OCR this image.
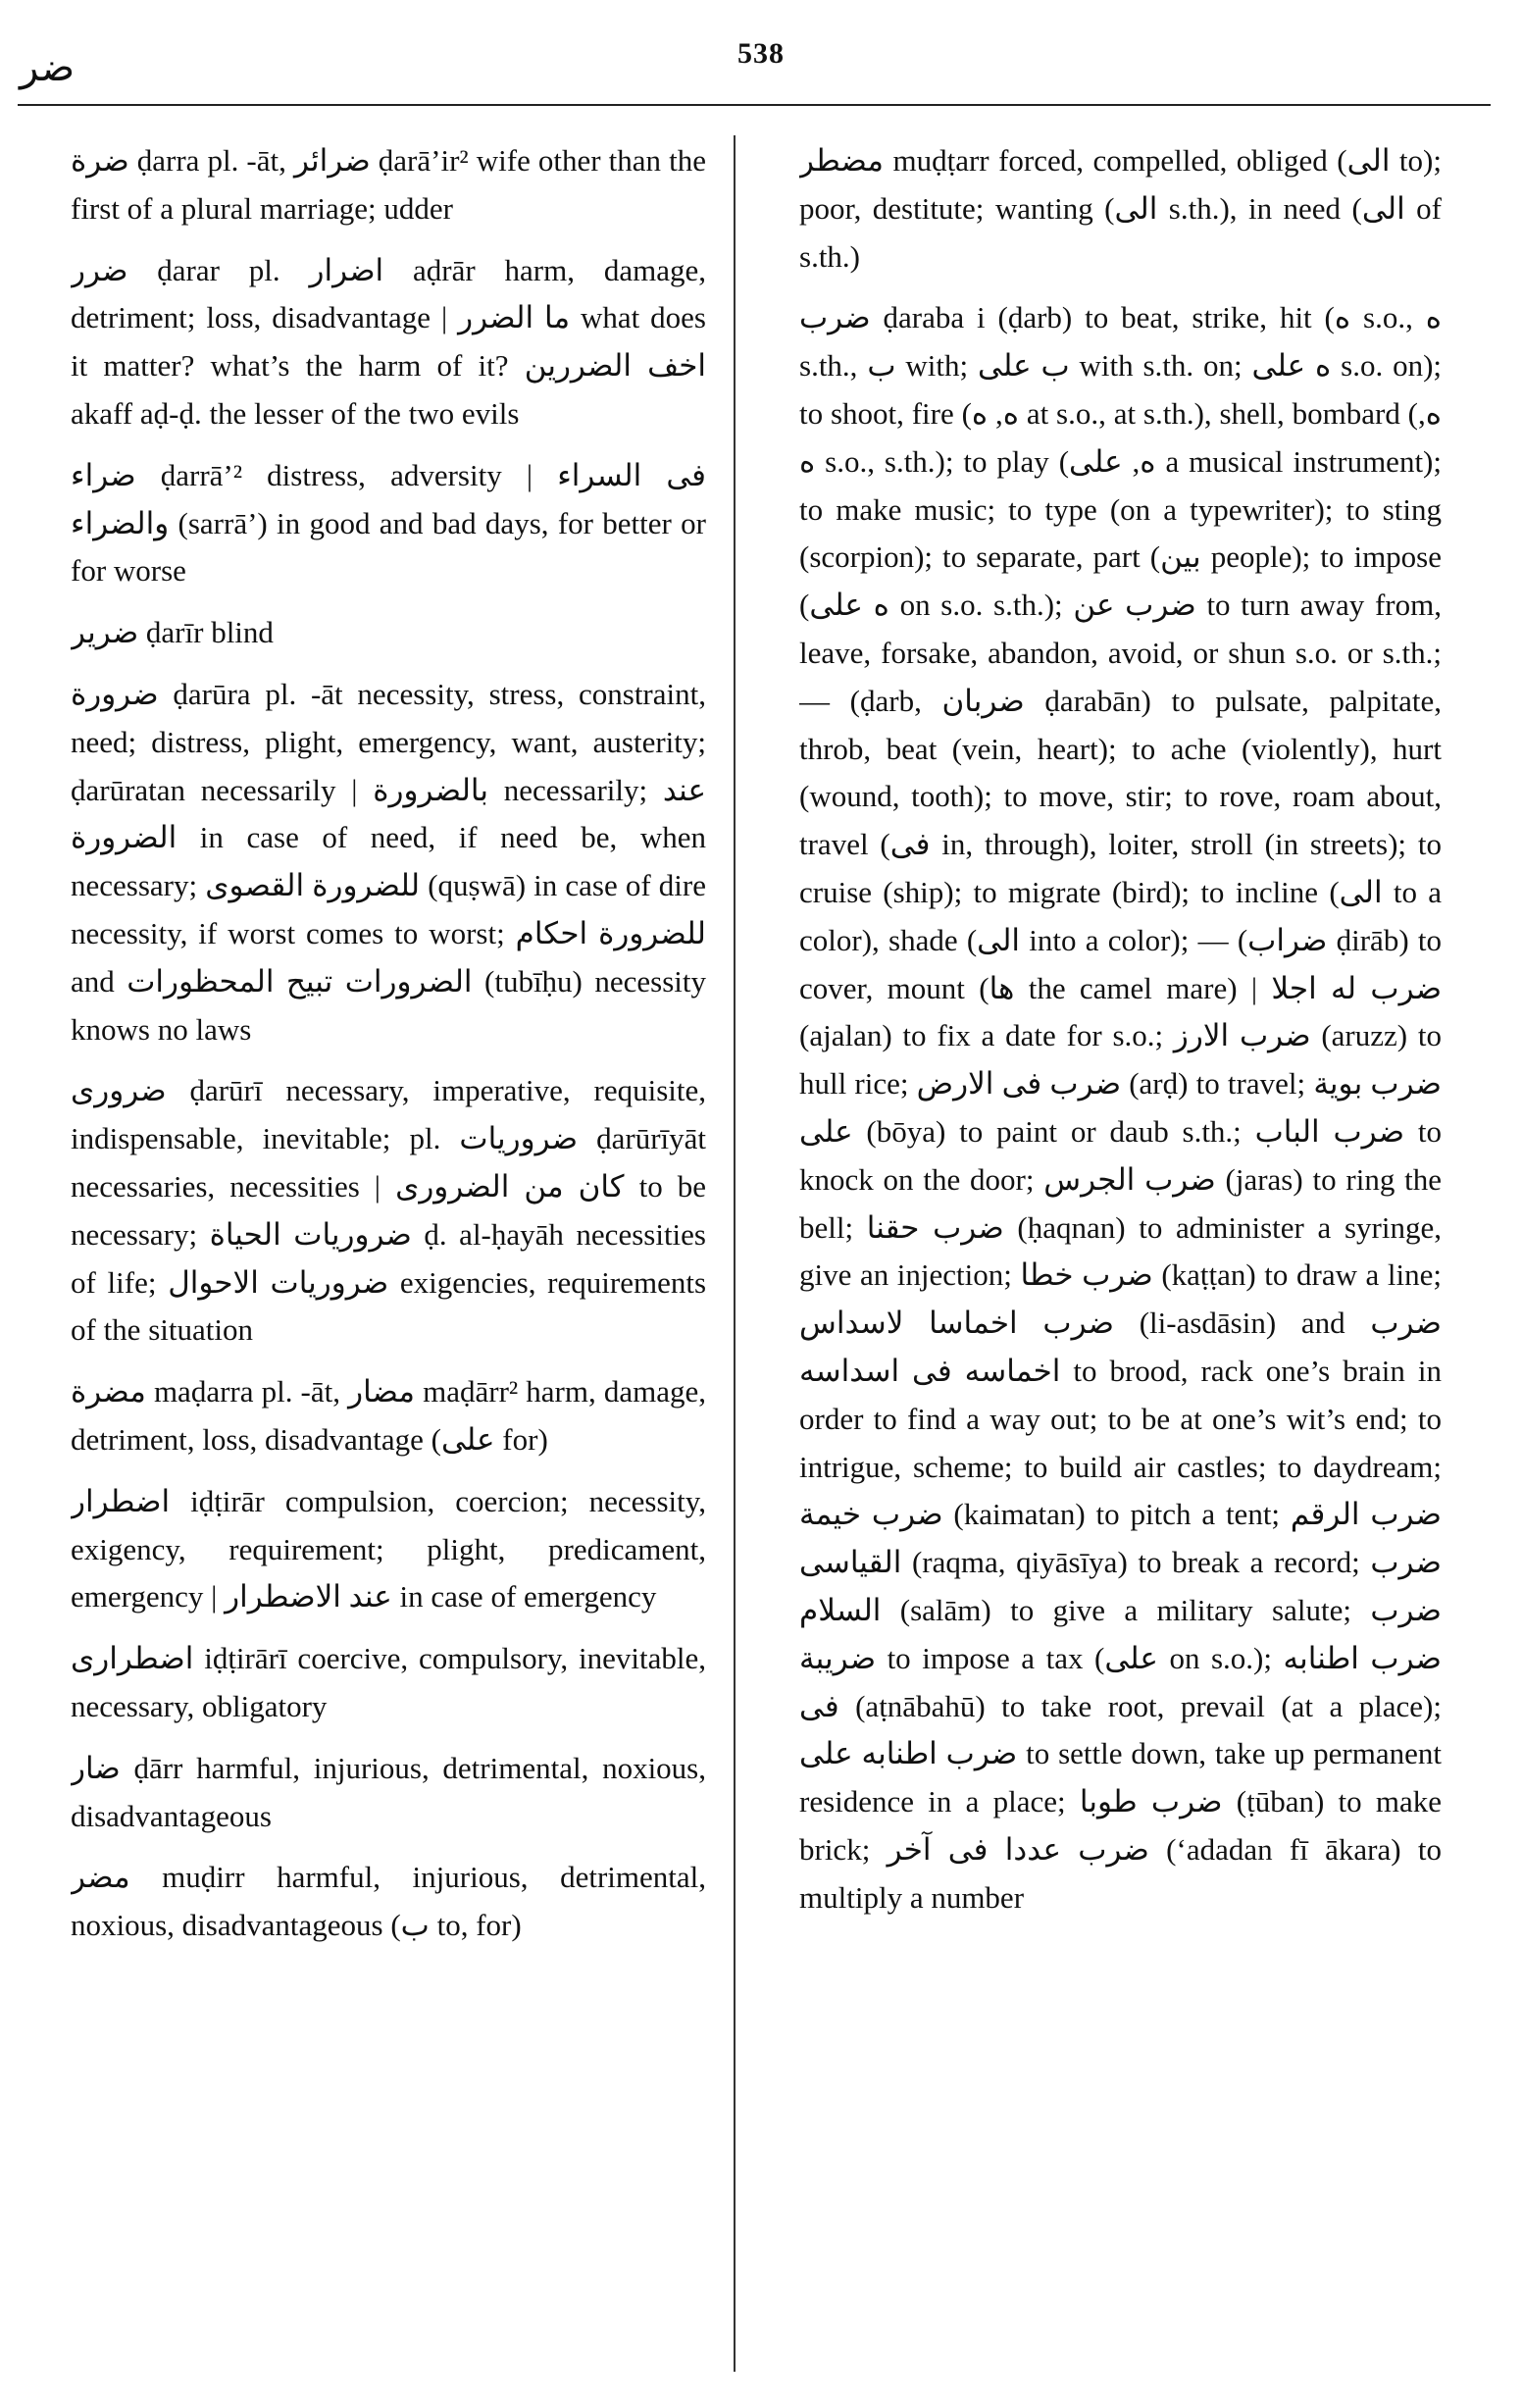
538
ضر

ضرة ḍarra pl. -āt, ضرائر ḍarā’ir² wife other than the first of a plural marriage; udder

ضرر ḍarar pl. اضرار aḍrār harm, damage, detriment; loss, disadvantage | ما الضرر what does it matter? what’s the harm of it? اخف الضررين akaff aḍ-ḍ. the lesser of the two evils

ضراء ḍarrā’² distress, adversity | فى السراء والضراء (sarrā’) in good and bad days, for better or for worse

ضرير ḍarīr blind

ضرورة ḍarūra pl. -āt necessity, stress, constraint, need; distress, plight, emergency, want, austerity; ḍarūratan necessarily | بالضرورة necessarily; عند الضرورة in case of need, if need be, when necessary; للضرورة القصوى (quṣwā) in case of dire necessity, if worst comes to worst; للضرورة احكام and الضرورات تبيح المحظورات (tubīḥu) necessity knows no laws

ضرورى ḍarūrī necessary, imperative, requisite, indispensable, inevitable; pl. ضروريات ḍarūrīyāt necessaries, necessities | كان من الضرورى to be necessary; ضروريات الحياة ḍ. al-ḥayāh necessities of life; ضروريات الاحوال exigencies, requirements of the situation

مضرة maḍarra pl. -āt, مضار maḍārr² harm, damage, detriment, loss, disadvantage (على for)

اضطرار iḍṭirār compulsion, coercion; necessity, exigency, requirement; plight, predicament, emergency | عند الاضطرار in case of emergency

اضطرارى iḍṭirārī coercive, compulsory, inevitable, necessary, obligatory

ضار ḍārr harmful, injurious, detrimental, noxious, disadvantageous

مضر muḍirr harmful, injurious, detrimental, noxious, disadvantageous (ب to, for)

مضطر muḍṭarr forced, compelled, obliged (الى to); poor, destitute; wanting (الى s.th.), in need (الى of s.th.)

ضرب ḍaraba i (ḍarb) to beat, strike, hit (ه s.o., ه s.th., ب with; ب على with s.th. on; ه على s.o. on); to shoot, fire (ه, ه at s.o., at s.th.), shell, bombard (ه, ه s.o., s.th.); to play (ه, على a musical instrument); to make music; to type (on a typewriter); to sting (scorpion); to separate, part (بين people); to impose (ه على on s.o. s.th.); ضرب عن to turn away from, leave, forsake, abandon, avoid, or shun s.o. or s.th.; — (ḍarb, ضربان ḍarabān) to pulsate, palpitate, throb, beat (vein, heart); to ache (violently), hurt (wound, tooth); to move, stir; to rove, roam about, travel (فى in, through), loiter, stroll (in streets); to cruise (ship); to migrate (bird); to incline (الى to a color), shade (الى into a color); — (ضراب ḍirāb) to cover, mount (ها the camel mare) | ضرب له اجلا (ajalan) to fix a date for s.o.; ضرب الارز (aruzz) to hull rice; ضرب فى الارض (arḍ) to travel; ضرب بوية على (bōya) to paint or daub s.th.; ضرب الباب to knock on the door; ضرب الجرس (jaras) to ring the bell; ضرب حقنا (ḥaqnan) to administer a syringe, give an injection; ضرب خطا (kaṭṭan) to draw a line; ضرب اخماسا لاسداس (li-asdāsin) and ضرب اخماسه فى اسداسه to brood, rack one’s brain in order to find a way out; to be at one’s wit’s end; to intrigue, scheme; to build air castles; to daydream; ضرب خيمة (kaimatan) to pitch a tent; ضرب الرقم القياسى (raqma, qiyāsīya) to break a record; ضرب السلام (salām) to give a military salute; ضرب ضريبة to impose a tax (على on s.o.); ضرب اطنابه فى (aṭnābahū) to take root, prevail (at a place); ضرب اطنابه على to settle down, take up permanent residence in a place; ضرب طوبا (ṭūban) to make brick; ضرب عددا فى آخر (‘adadan fī ākara) to multiply a number
